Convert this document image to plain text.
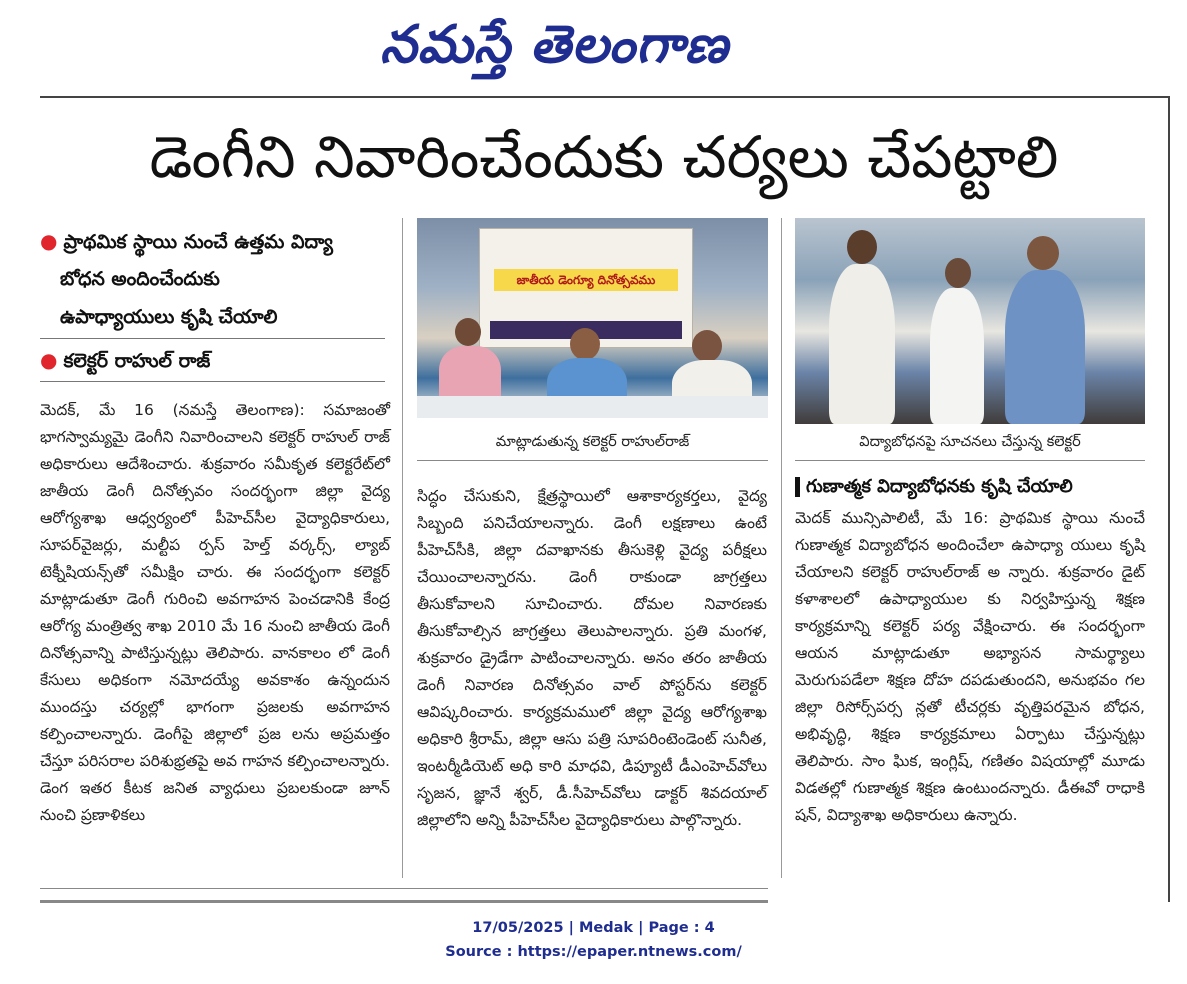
నమస్తే తెలంగాణ
డెంగీని నివారించేందుకు చర్యలు చేపట్టాలి
● ప్రాథమిక స్థాయి నుంచే ఉత్తమ విద్యా
బోధన అందించేందుకు
ఉపాధ్యాయులు కృషి చేయాలి
● కలెక్టర్ రాహుల్ రాజ్
మెదక్, మే 16 (నమస్తే తెలంగాణ): సమాజంతో భాగస్వామ్యమై డెంగీని నివారించాలని కలెక్టర్ రాహుల్ రాజ్ అధికారులు ఆదేశించారు. శుక్రవారం సమీకృత కలెక్టరేట్‌లో జాతీయ డెంగీ దినోత్సవం సందర్భంగా జిల్లా వైద్య ఆరోగ్యశాఖ ఆధ్వర్యంలో పీహెచ్‌సీల వైద్యాధికారులు, సూపర్‌వైజర్లు, మల్టీప ర్పస్ హెల్త్ వర్కర్స్, ల్యాబ్ టెక్నీషియన్స్‌తో సమీక్షిం చారు. ఈ సందర్భంగా కలెక్టర్ మాట్లాడుతూ డెంగీ గురించి అవగాహన పెంచడానికి కేంద్ర ఆరోగ్య మంత్రిత్వ శాఖ 2010 మే 16 నుంచి జాతీయ డెంగీ దినోత్సవాన్ని పాటిస్తున్నట్లు తెలిపారు. వానకాలం లో డెంగీ కేసులు అధికంగా నమోదయ్యే అవకాశం ఉన్నందున ముందస్తు చర్యల్లో భాగంగా ప్రజలకు అవగాహన కల్పించాలన్నారు. డెంగీపై జిల్లాలో ప్రజ లను అప్రమత్తం చేస్తూ పరిసరాల పరిశుభ్రతపై అవ గాహన కల్పించాలన్నారు. డెంగ ఇతర కీటక జనిత వ్యాధులు ప్రబలకుండా జూన్ నుంచి ప్రణాళికలు
సిద్ధం చేసుకుని, క్షేత్రస్థాయిలో ఆశాకార్యకర్తలు, వైద్య సిబ్బంది పనిచేయాలన్నారు. డెంగీ లక్షణాలు ఉంటే పీహెచ్‌సీకి, జిల్లా దవాఖానకు తీసుకెళ్లి వైద్య పరీక్షలు చేయించాలన్నారను. డెంగీ రాకుండా జాగ్రత్తలు తీసుకోవాలని సూచించారు. దోమల నివారణకు తీసుకోవాల్సిన జాగ్రత్తలు తెలుపాలన్నారు. ప్రతి మంగళ, శుక్రవారం డ్రైడేగా పాటించాలన్నారు. అనం తరం జాతీయ డెంగీ నివారణ దినోత్సవం వాల్ పోస్టర్‌ను కలెక్టర్ ఆవిష్కరించారు. కార్యక్రమములో జిల్లా వైద్య ఆరోగ్యశాఖ అధికారి శ్రీరామ్, జిల్లా ఆసు పత్రి సూపరింటెండెంట్ సునీత, ఇంటర్మీడియెట్ అధి కారి మాధవి, డిప్యూటీ డీఎంహెచ్‌వోలు సృజన, జ్ఞానే శ్వర్, డీ.సీహెచ్‌వోలు డాక్టర్ శివదయాల్ జిల్లాలోని అన్ని పీహెచ్‌సీల వైద్యాధికారులు పాల్గొన్నారు.
జాతీయ డెంగ్యూ దినోత్సవము
మాట్లాడుతున్న కలెక్టర్ రాహుల్‌రాజ్	విద్యాబోధనపై సూచనలు చేస్తున్న కలెక్టర్
గుణాత్మక విద్యాబోధనకు కృషి చేయాలి
మెదక్ మున్సిపాలిటీ, మే 16: ప్రాథమిక స్థాయి నుంచే గుణాత్మక విద్యాబోధన అందించేలా ఉపాధ్యా యులు కృషి చేయాలని కలెక్టర్ రాహుల్‌రాజ్ అ న్నారు. శుక్రవారం డైట్ కళాశాలలో ఉపాధ్యాయుల కు నిర్వహిస్తున్న శిక్షణ కార్యక్రమాన్ని కలెక్టర్ పర్య వేక్షించారు. ఈ సందర్భంగా ఆయన మాట్లాడుతూ అభ్యాసన సామర్థ్యాలు మెరుగుపడేలా శిక్షణ దోహ దపడుతుందని, అనుభవం గల జిల్లా రిసోర్స్‌పర్స న్లతో టీచర్లకు వృత్తిపరమైన బోధన, అభివృద్ధి, శిక్షణ కార్యక్రమాలు ఏర్పాటు చేస్తున్నట్లు తెలిపారు. సాం ఘిక, ఇంగ్లిష్, గణితం విషయాల్లో మూడు విడతల్లో గుణాత్మక శిక్షణ ఉంటుందన్నారు. డీఈవో రాధాకి షన్, విద్యాశాఖ అధికారులు ఉన్నారు.
17/05/2025 | Medak | Page : 4
Source : https://epaper.ntnews.com/
